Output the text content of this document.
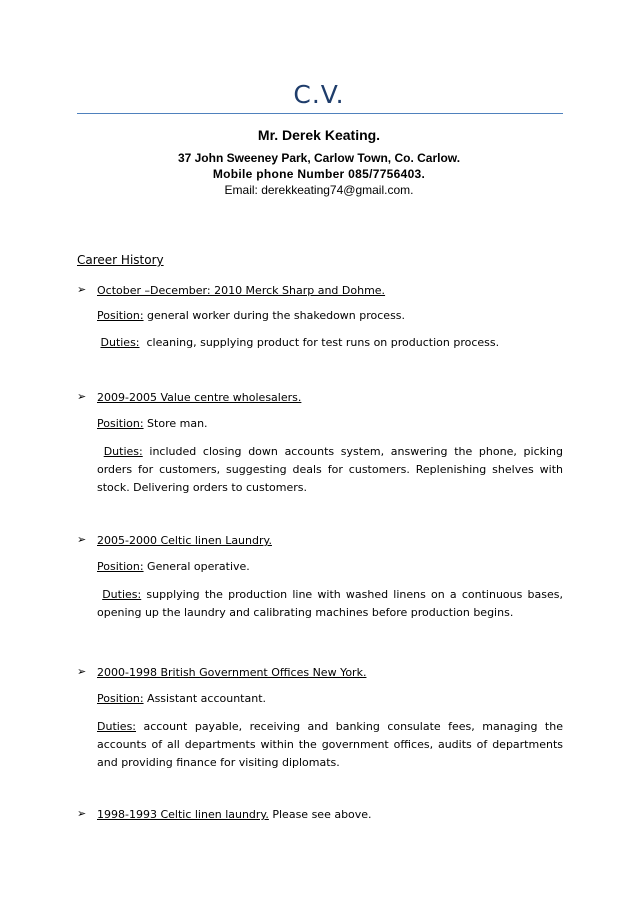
C.V.
Mr. Derek Keating.
37 John Sweeney Park, Carlow Town, Co. Carlow.
Mobile phone Number 085/7756403.
Email: derekkeating74@gmail.com.
Career History
➢ October –December: 2010 Merck Sharp and Dohme.
Position: general worker during the shakedown process.
Duties:  cleaning, supplying product for test runs on production process.
➢ 2009-2005 Value centre wholesalers.
Position: Store man.
Duties: included closing down accounts system, answering the phone, picking orders for customers, suggesting deals for customers. Replenishing shelves with stock. Delivering orders to customers.
➢ 2005-2000 Celtic linen Laundry.
Position: General operative.
Duties: supplying the production line with washed linens on a continuous bases, opening up the laundry and calibrating machines before production begins.
➢ 2000-1998 British Government Offices New York.
Position: Assistant accountant.
Duties: account payable, receiving and banking consulate fees, managing the accounts of all departments within the government offices, audits of departments and providing finance for visiting diplomats.
➢ 1998-1993 Celtic linen laundry. Please see above.
